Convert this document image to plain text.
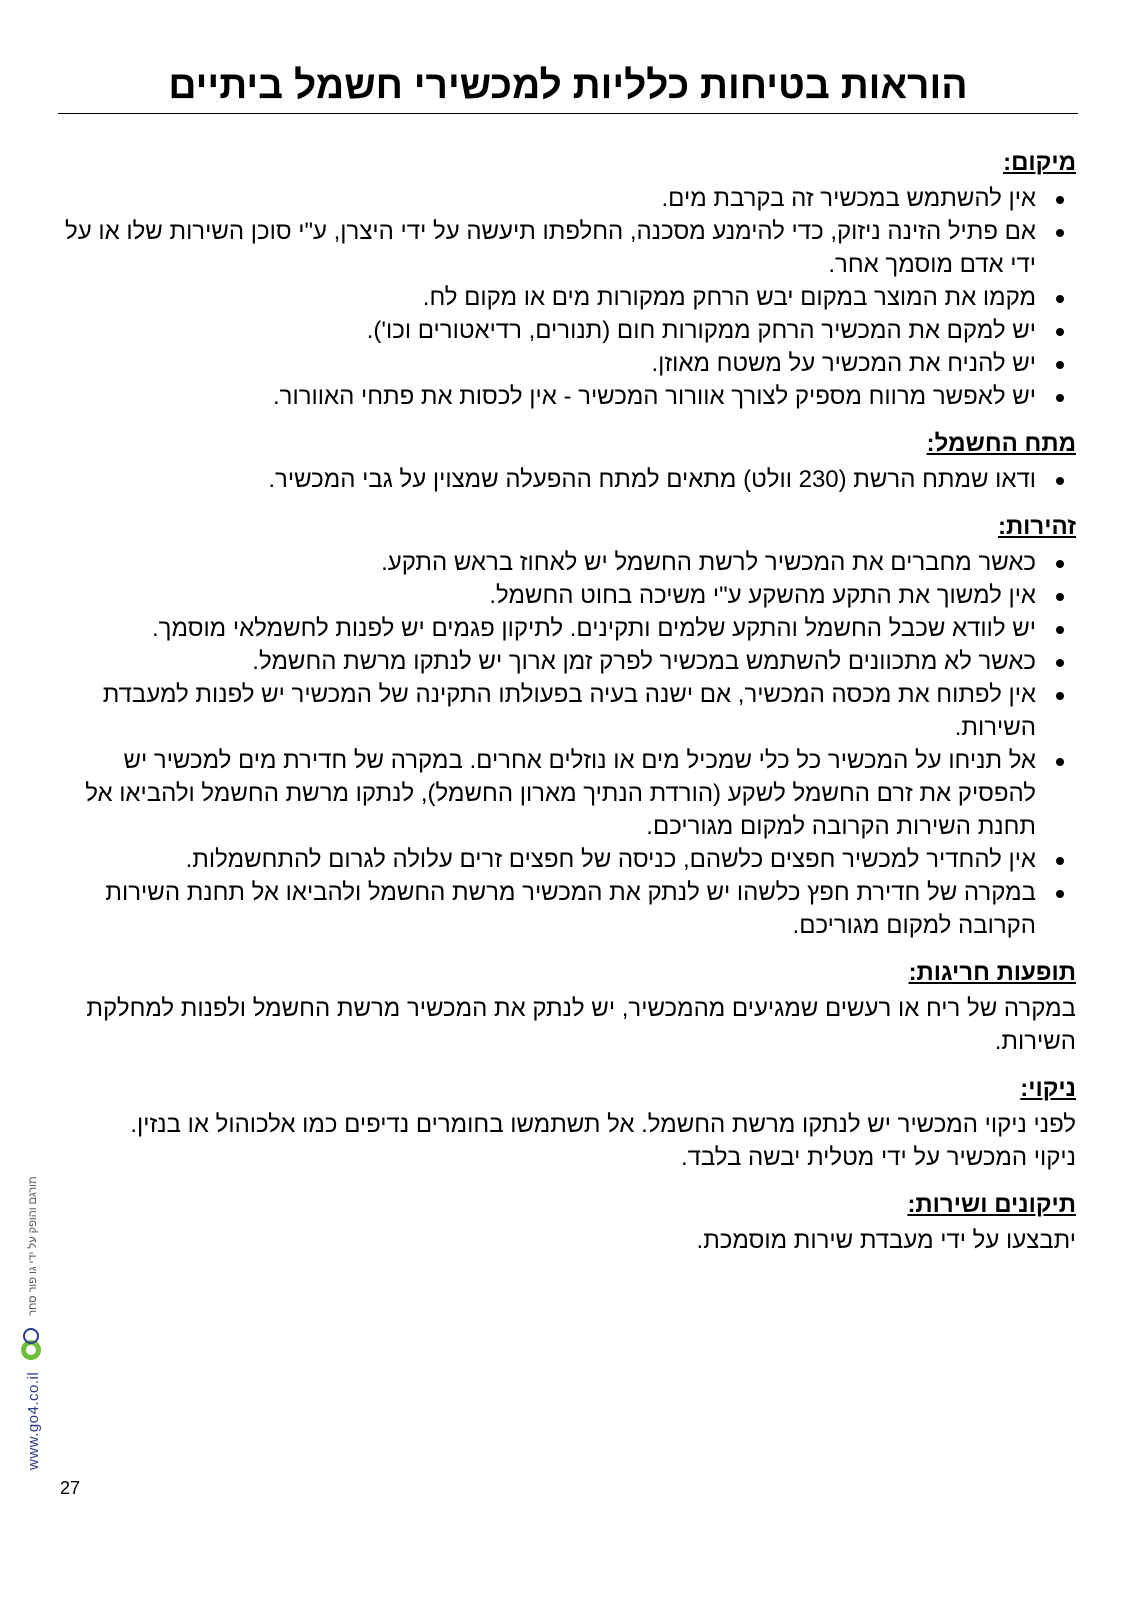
הוראות בטיחות כלליות למכשירי חשמל ביתיים
מיקום:
אין להשתמש במכשיר זה בקרבת מים.
אם פתיל הזינה ניזוק, כדי להימנע מסכנה, החלפתו תיעשה על ידי היצרן, ע"י סוכן השירות שלו או על ידי אדם מוסמך אחר.
מקמו את המוצר במקום יבש הרחק ממקורות מים או מקום לח.
יש למקם את המכשיר הרחק ממקורות חום (תנורים, רדיאטורים וכו').
יש להניח את המכשיר על משטח מאוזן.
יש לאפשר מרווח מספיק לצורך אוורור המכשיר - אין לכסות את פתחי האוורור.
מתח החשמל:
ודאו שמתח הרשת (230 וולט) מתאים למתח ההפעלה שמצוין על גבי המכשיר.
זהירות:
כאשר מחברים את המכשיר לרשת החשמל יש לאחוז בראש התקע.
אין למשוך את התקע מהשקע ע"י משיכה בחוט החשמל.
יש לוודא שכבל החשמל והתקע שלמים ותקינים. לתיקון פגמים יש לפנות לחשמלאי מוסמך.
כאשר לא מתכוונים להשתמש במכשיר לפרק זמן ארוך יש לנתקו מרשת החשמל.
אין לפתוח את מכסה המכשיר, אם ישנה בעיה בפעולתו התקינה של המכשיר יש לפנות למעבדת השירות.
אל תניחו על המכשיר כל כלי שמכיל מים או נוזלים אחרים. במקרה של חדירת מים למכשיר יש להפסיק את זרם החשמל לשקע (הורדת הנתיך מארון החשמל), לנתקו מרשת החשמל ולהביאו אל תחנת השירות הקרובה למקום מגוריכם.
אין להחדיר למכשיר חפצים כלשהם, כניסה של חפצים זרים עלולה לגרום להתחשמלות.
במקרה של חדירת חפץ כלשהו יש לנתק את המכשיר מרשת החשמל ולהביאו אל תחנת השירות הקרובה למקום מגוריכם.
תופעות חריגות:

במקרה של ריח או רעשים שמגיעים מהמכשיר, יש לנתק את המכשיר מרשת החשמל ולפנות למחלקת השירות.

ניקוי:

לפני ניקוי המכשיר יש לנתקו מרשת החשמל. אל תשתמשו בחומרים נדיפים כמו אלכוהול או בנזין.

ניקוי המכשיר על ידי מטלית יבשה בלבד.

תיקונים ושירות:

יתבצעו על ידי מעבדת שירות מוסמכת.

www.go4.co.il
תורגם והופק על ידי גו פור סחר
27
